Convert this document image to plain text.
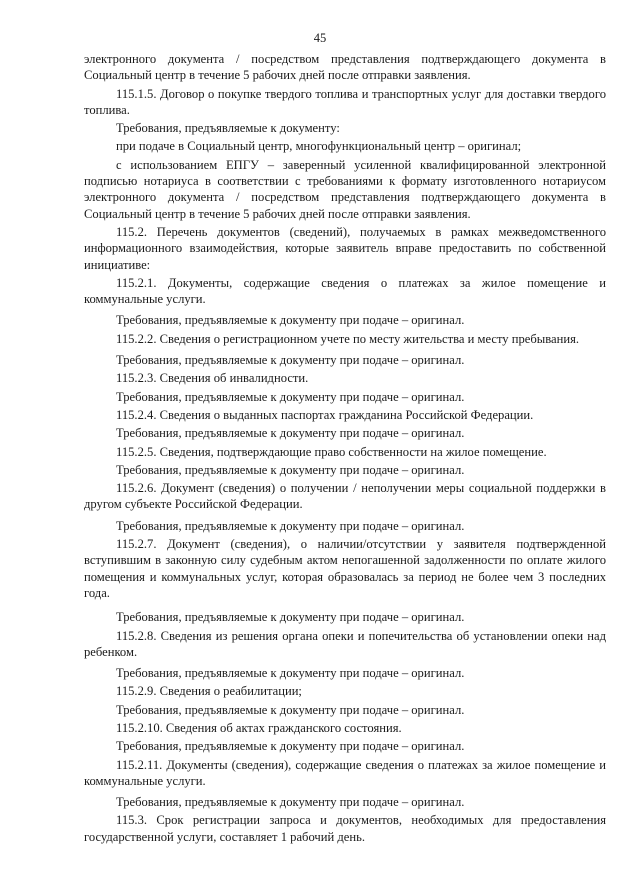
45

электронного документа / посредством представления подтверждающего документа в Социальный центр в течение 5 рабочих дней после отправки заявления.

115.1.5. Договор о покупке твердого топлива и транспортных услуг для доставки твердого топлива.

Требования, предъявляемые к документу:

при подаче в Социальный центр, многофункциональный центр – оригинал;

с использованием ЕПГУ – заверенный усиленной квалифицированной электронной подписью нотариуса в соответствии с требованиями к формату изготовленного нотариусом электронного документа / посредством представления подтверждающего документа в Социальный центр в течение 5 рабочих дней после отправки заявления.

115.2. Перечень документов (сведений), получаемых в рамках межведомственного информационного взаимодействия, которые заявитель вправе предоставить по собственной инициативе:

115.2.1. Документы, содержащие сведения о платежах за жилое помещение и коммунальные услуги.

Требования, предъявляемые к документу при подаче – оригинал.

115.2.2. Сведения о регистрационном учете по месту жительства и месту пребывания.

Требования, предъявляемые к документу при подаче – оригинал.

115.2.3. Сведения об инвалидности.

Требования, предъявляемые к документу при подаче – оригинал.

115.2.4. Сведения о выданных паспортах гражданина Российской Федерации.

Требования, предъявляемые к документу при подаче – оригинал.

115.2.5. Сведения, подтверждающие право собственности на жилое помещение.

Требования, предъявляемые к документу при подаче – оригинал.

115.2.6. Документ (сведения) о получении / неполучении меры социальной поддержки в другом субъекте Российской Федерации.

Требования, предъявляемые к документу при подаче – оригинал.

115.2.7. Документ (сведения), о наличии/отсутствии у заявителя подтвержденной вступившим в законную силу судебным актом непогашенной задолженности по оплате жилого помещения и коммунальных услуг, которая образовалась за период не более чем 3 последних года.

Требования, предъявляемые к документу при подаче – оригинал.

115.2.8. Сведения из решения органа опеки и попечительства об установлении опеки над ребенком.

Требования, предъявляемые к документу при подаче – оригинал.

115.2.9. Сведения о реабилитации;

Требования, предъявляемые к документу при подаче – оригинал.

115.2.10. Сведения об актах гражданского состояния.

Требования, предъявляемые к документу при подаче – оригинал.

115.2.11. Документы (сведения), содержащие сведения о платежах за жилое помещение и коммунальные услуги.

Требования, предъявляемые к документу при подаче – оригинал.

115.3. Срок регистрации запроса и документов, необходимых для предоставления государственной услуги, составляет 1 рабочий день.
